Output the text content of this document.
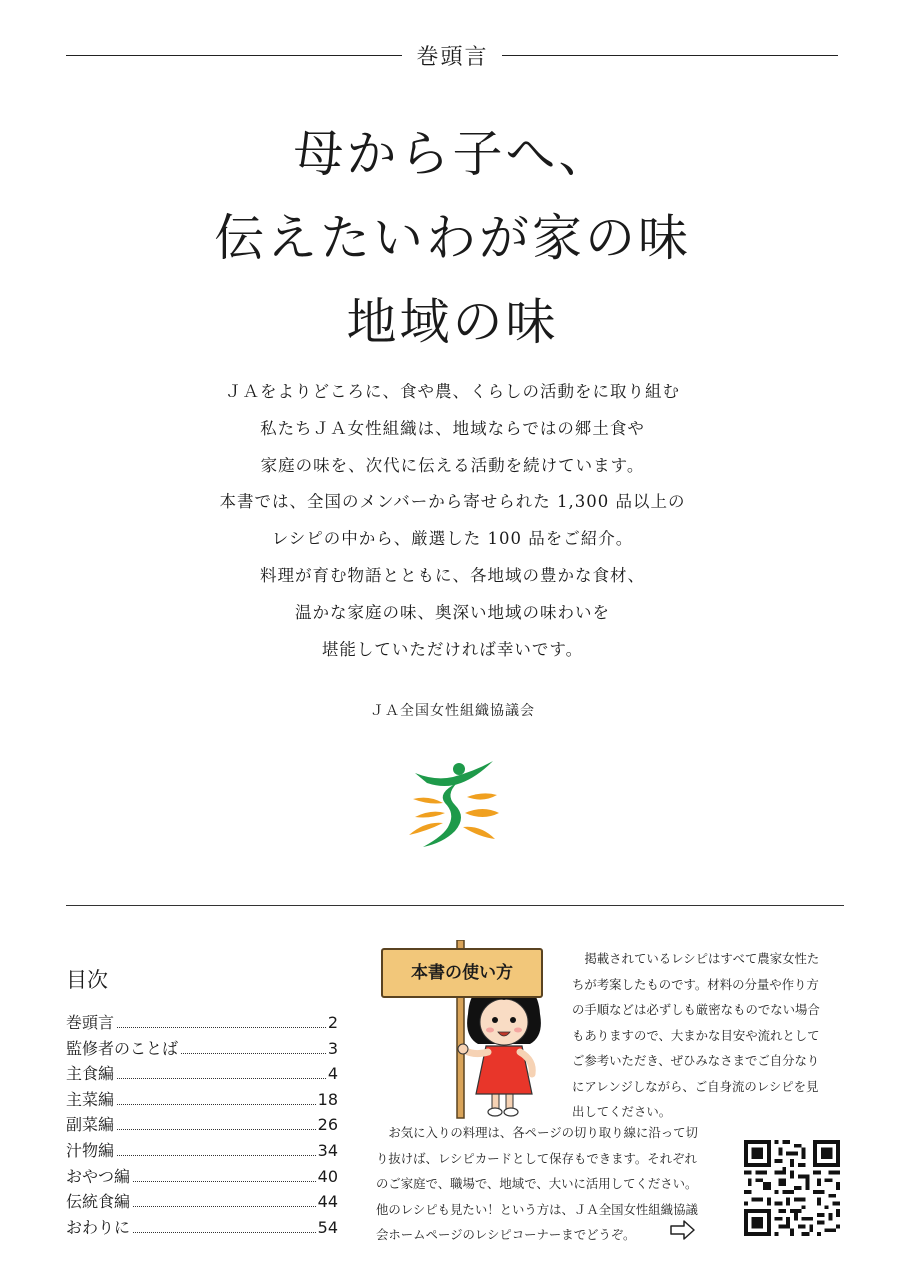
巻頭言
母から子へ、
伝えたいわが家の味
地域の味
ＪＡをよりどころに、食や農、くらしの活動をに取り組む
私たちＪＡ女性組織は、地域ならではの郷土食や
家庭の味を、次代に伝える活動を続けています。
本書では、全国のメンバーから寄せられた 1,300 品以上の
レシピの中から、厳選した 100 品をご紹介。
料理が育む物語とともに、各地域の豊かな食材、
温かな家庭の味、奥深い地域の味わいを
堪能していただければ幸いです。
ＪＡ全国女性組織協議会
目次
巻頭言	2
監修者のことば	3
主食編	4
主菜編	18
副菜編	26
汁物編	34
おやつ編	40
伝統食編	44
おわりに	54
本書の使い方
　掲載されているレシピはすべて農家女性た
ちが考案したものです。材料の分量や作り方
の手順などは必ずしも厳密なものでない場合
もありますので、大まかな目安や流れとして
ご参考いただき、ぜひみなさまでご自分なり
にアレンジしながら、ご自身流のレシピを見
出してください。
　お気に入りの料理は、各ページの切り取り線に沿って切
り抜けば、レシピカードとして保存もできます。それぞれ
のご家庭で、職場で、地域で、大いに活用してください。
他のレシピも見たい！という方は、ＪＡ全国女性組織協議
会ホームページのレシピコーナーまでどうぞ。
